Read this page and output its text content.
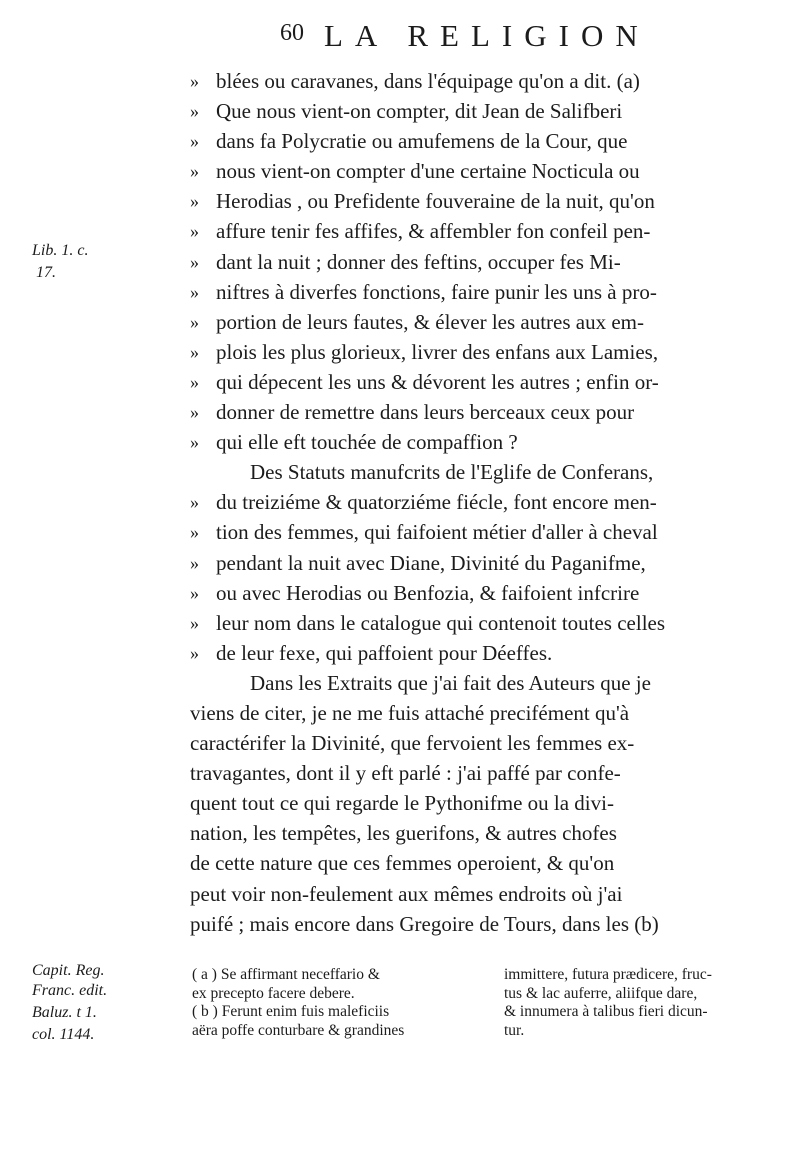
60 LA RELIGION
Lib. 1. c.
17.
Capit. Reg.
Franc. edit.
Baluz. t 1.
col. 1144.
» blées ou caravanes, dans l'équipage qu'on a dit. (a)
» Que nous vient-on compter, dit Jean de Salifberi
» dans fa Polycratie ou amufemens de la Cour, que
» nous vient-on compter d'une certaine Nocticula ou
» Herodias , ou Prefidente fouveraine de la nuit, qu'on
» affure tenir fes affifes, & affembler fon confeil pen-
» dant la nuit ; donner des feftins, occuper fes Mi-
» niftres à diverfes fonctions, faire punir les uns à pro-
» portion de leurs fautes, & élever les autres aux em-
» plois les plus glorieux, livrer des enfans aux Lamies,
» qui dépecent les uns & dévorent les autres ; enfin or-
» donner de remettre dans leurs berceaux ceux pour
» qui elle eft touchée de compaffion ?
Des Statuts manufcrits de l'Eglife de Conferans,
» du treiziéme & quatorziéme fiécle, font encore men-
» tion des femmes, qui faifoient métier d'aller à cheval
» pendant la nuit avec Diane, Divinité du Paganifme,
» ou avec Herodias ou Benfozia, & faifoient infcrire
» leur nom dans le catalogue qui contenoit toutes celles
» de leur fexe, qui paffoient pour Déeffes.
Dans les Extraits que j'ai fait des Auteurs que je
viens de citer, je ne me fuis attaché precifément qu'à
caractérifer la Divinité, que fervoient les femmes ex-
travagantes, dont il y eft parlé : j'ai paffé par confe-
quent tout ce qui regarde le Pythonifme ou la divi-
nation, les tempêtes, les guerifons, & autres chofes
de cette nature que ces femmes operoient, & qu'on
peut voir non-feulement aux mêmes endroits où j'ai
puifé ; mais encore dans Gregoire de Tours, dans les (b)
( a ) Se affirmant neceffario &
ex precepto facere debere.
( b ) Ferunt enim fuis maleficiis
aëra poffe conturbare & grandines
immittere, futura prædicere, fruc-
tus & lac auferre, aliifque dare,
& innumera à talibus fieri dicun-
tur.
